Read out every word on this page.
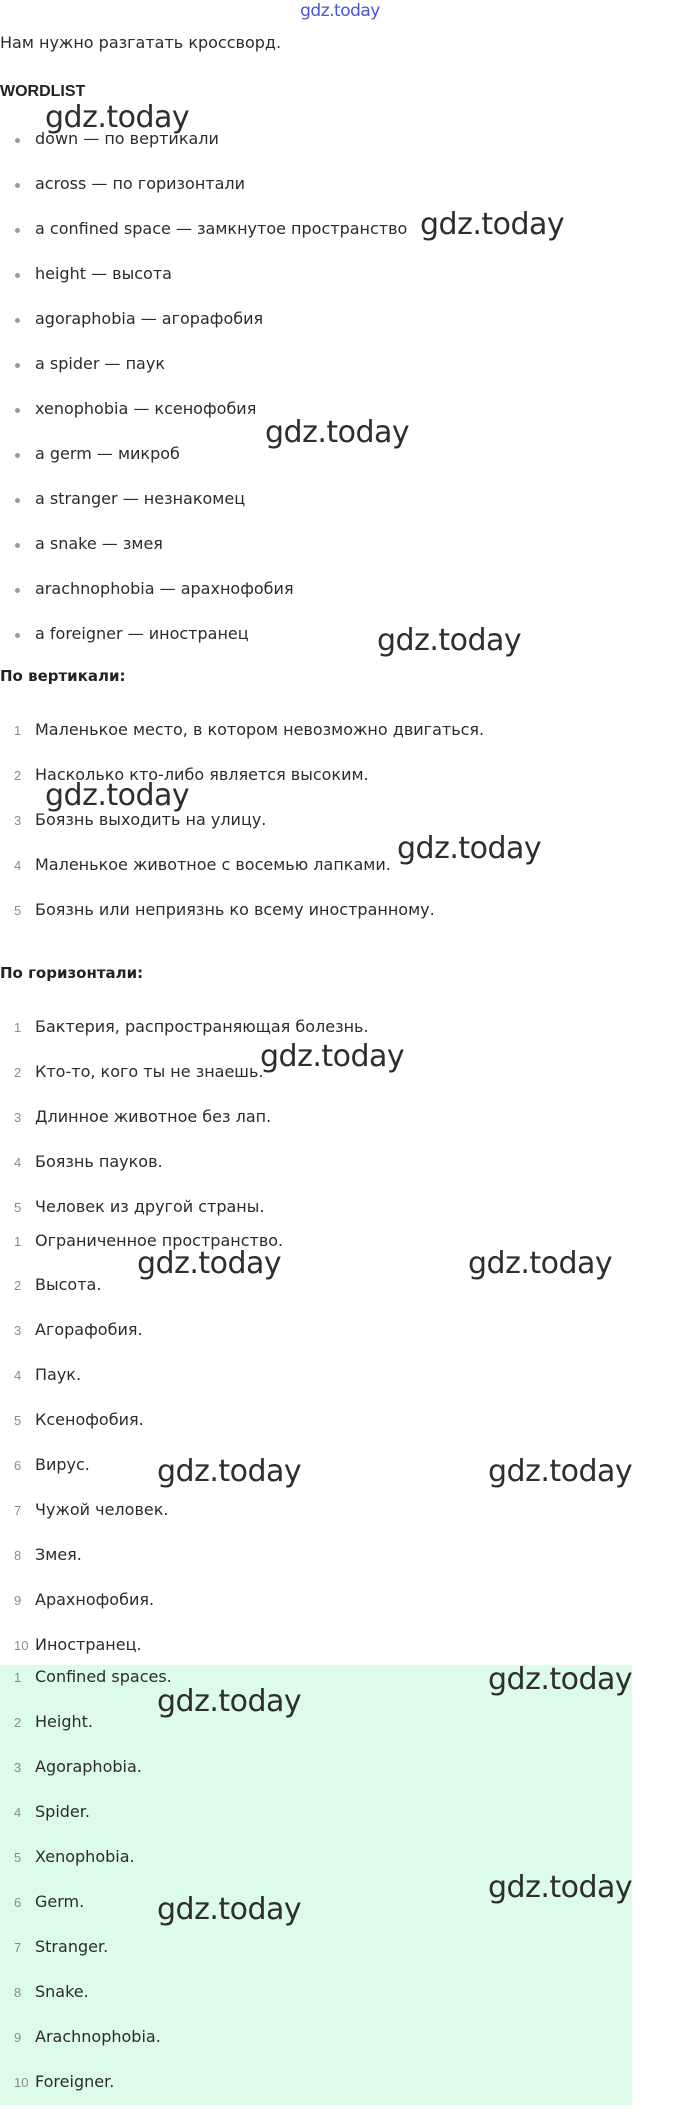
gdz.today
Нам нужно разгатать кроссворд.
WORDLIST
down — по вертикали
across — по горизонтали
a confined space — замкнутое пространство
height — высота
agoraphobia — агорафобия
a spider — паук
xenophobia — ксенофобия
a germ — микроб
a stranger — незнакомец
a snake — змея
arachnophobia — арахнофобия
a foreigner — иностранец
По вертикали:
1 Маленькое место, в котором невозможно двигаться.
2 Насколько кто-либо является высоким.
3 Боязнь выходить на улицу.
4 Маленькое животное с восемью лапками.
5 Боязнь или неприязнь ко всему иностранному.
По горизонтали:
1 Бактерия, распространяющая болезнь.
2 Кто-то, кого ты не знаешь.
3 Длинное животное без лап.
4 Боязнь пауков.
5 Человек из другой страны.
1 Ограниченное пространство.
2 Высота.
3 Агорафобия.
4 Паук.
5 Ксенофобия.
6 Вирус.
7 Чужой человек.
8 Змея.
9 Арахнофобия.
10 Иностранец.
1 Confined spaces.
2 Height.
3 Agoraphobia.
4 Spider.
5 Xenophobia.
6 Germ.
7 Stranger.
8 Snake.
9 Arachnophobia.
10 Foreigner.
gdz.today
gdz.today
gdz.today
gdz.today
gdz.today
gdz.today
gdz.today
gdz.today	gdz.today
gdz.today	gdz.today
gdz.today
gdz.today
gdz.today
gdz.today
